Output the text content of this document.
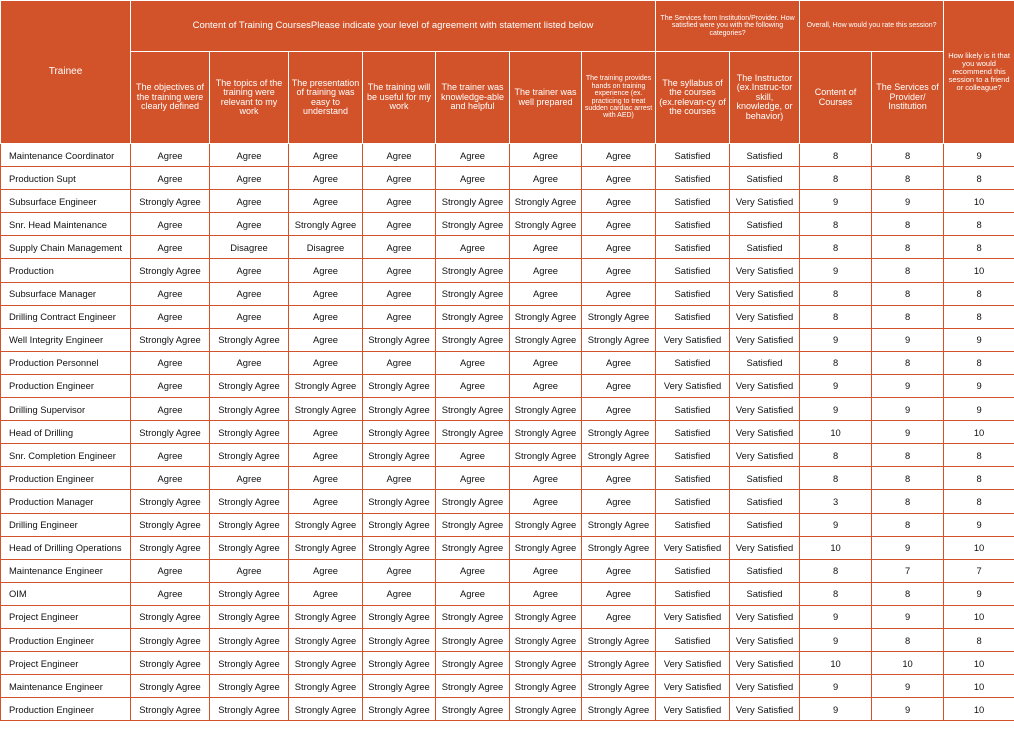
Trainee	Content of Training CoursesPlease indicate your level of agreement with statement listed below							The Services from Institution/Provider. How satisfied were you with the following categories?		Overall, How would you rate this session?		How likely is it that you would recommend this session to a friend or colleague?
	The objectives of the training were clearly defined	The topics of the training were relevant to my work	The presentation of training was easy to understand	The training will be useful for my work	The trainer was knowledge-able and helpful	The trainer was well prepared	The training provides hands on training experience (ex. practicing to treat sudden cardiac arrest with AED)	The syllabus of the courses (ex.relevan-cy of the courses	The Instructor (ex.Instruc-tor skill, knowledge, or behavior)	Content of Courses	The Services of Provider/ Institution	
Maintenance Coordinator	Agree	Agree	Agree	Agree	Agree	Agree	Agree	Satisfied	Satisfied	8	8	9
Production Supt	Agree	Agree	Agree	Agree	Agree	Agree	Agree	Satisfied	Satisfied	8	8	8
Subsurface Engineer	Strongly Agree	Agree	Agree	Agree	Strongly Agree	Strongly Agree	Agree	Satisfied	Very Satisfied	9	9	10
Snr. Head Maintenance	Agree	Agree	Strongly Agree	Agree	Strongly Agree	Strongly Agree	Agree	Satisfied	Satisfied	8	8	8
Supply Chain Management	Agree	Disagree	Disagree	Agree	Agree	Agree	Agree	Satisfied	Satisfied	8	8	8
Production	Strongly Agree	Agree	Agree	Agree	Strongly Agree	Agree	Agree	Satisfied	Very Satisfied	9	8	10
Subsurface Manager	Agree	Agree	Agree	Agree	Strongly Agree	Agree	Agree	Satisfied	Very Satisfied	8	8	8
Drilling Contract Engineer	Agree	Agree	Agree	Agree	Strongly Agree	Strongly Agree	Strongly Agree	Satisfied	Very Satisfied	8	8	8
Well Integrity Engineer	Strongly Agree	Strongly Agree	Agree	Strongly Agree	Strongly Agree	Strongly Agree	Strongly Agree	Very Satisfied	Very Satisfied	9	9	9
Production Personnel	Agree	Agree	Agree	Agree	Agree	Agree	Agree	Satisfied	Satisfied	8	8	8
Production Engineer	Agree	Strongly Agree	Strongly Agree	Strongly Agree	Agree	Agree	Agree	Very Satisfied	Very Satisfied	9	9	9
Drilling Supervisor	Agree	Strongly Agree	Strongly Agree	Strongly Agree	Strongly Agree	Strongly Agree	Agree	Satisfied	Very Satisfied	9	9	9
Head of Drilling	Strongly Agree	Strongly Agree	Agree	Strongly Agree	Strongly Agree	Strongly Agree	Strongly Agree	Satisfied	Very Satisfied	10	9	10
Snr. Completion Engineer	Agree	Strongly Agree	Agree	Strongly Agree	Agree	Strongly Agree	Strongly Agree	Satisfied	Very Satisfied	8	8	8
Production Engineer	Agree	Agree	Agree	Agree	Agree	Agree	Agree	Satisfied	Satisfied	8	8	8
Production Manager	Strongly Agree	Strongly Agree	Agree	Strongly Agree	Strongly Agree	Agree	Agree	Satisfied	Satisfied	3	8	8
Drilling Engineer	Strongly Agree	Strongly Agree	Strongly Agree	Strongly Agree	Strongly Agree	Strongly Agree	Strongly Agree	Satisfied	Satisfied	9	8	9
Head of Drilling Operations	Strongly Agree	Strongly Agree	Strongly Agree	Strongly Agree	Strongly Agree	Strongly Agree	Strongly Agree	Very Satisfied	Very Satisfied	10	9	10
Maintenance Engineer	Agree	Agree	Agree	Agree	Agree	Agree	Agree	Satisfied	Satisfied	8	7	7
OIM	Agree	Strongly Agree	Agree	Agree	Agree	Agree	Agree	Satisfied	Satisfied	8	8	9
Project Engineer	Strongly Agree	Strongly Agree	Strongly Agree	Strongly Agree	Strongly Agree	Strongly Agree	Agree	Very Satisfied	Very Satisfied	9	9	10
Production Engineer	Strongly Agree	Strongly Agree	Strongly Agree	Strongly Agree	Strongly Agree	Strongly Agree	Strongly Agree	Satisfied	Very Satisfied	9	8	8
Project Engineer	Strongly Agree	Strongly Agree	Strongly Agree	Strongly Agree	Strongly Agree	Strongly Agree	Strongly Agree	Very Satisfied	Very Satisfied	10	10	10
Maintenance Engineer	Strongly Agree	Strongly Agree	Strongly Agree	Strongly Agree	Strongly Agree	Strongly Agree	Strongly Agree	Very Satisfied	Very Satisfied	9	9	10
Production Engineer	Strongly Agree	Strongly Agree	Strongly Agree	Strongly Agree	Strongly Agree	Strongly Agree	Strongly Agree	Very Satisfied	Very Satisfied	9	9	10
